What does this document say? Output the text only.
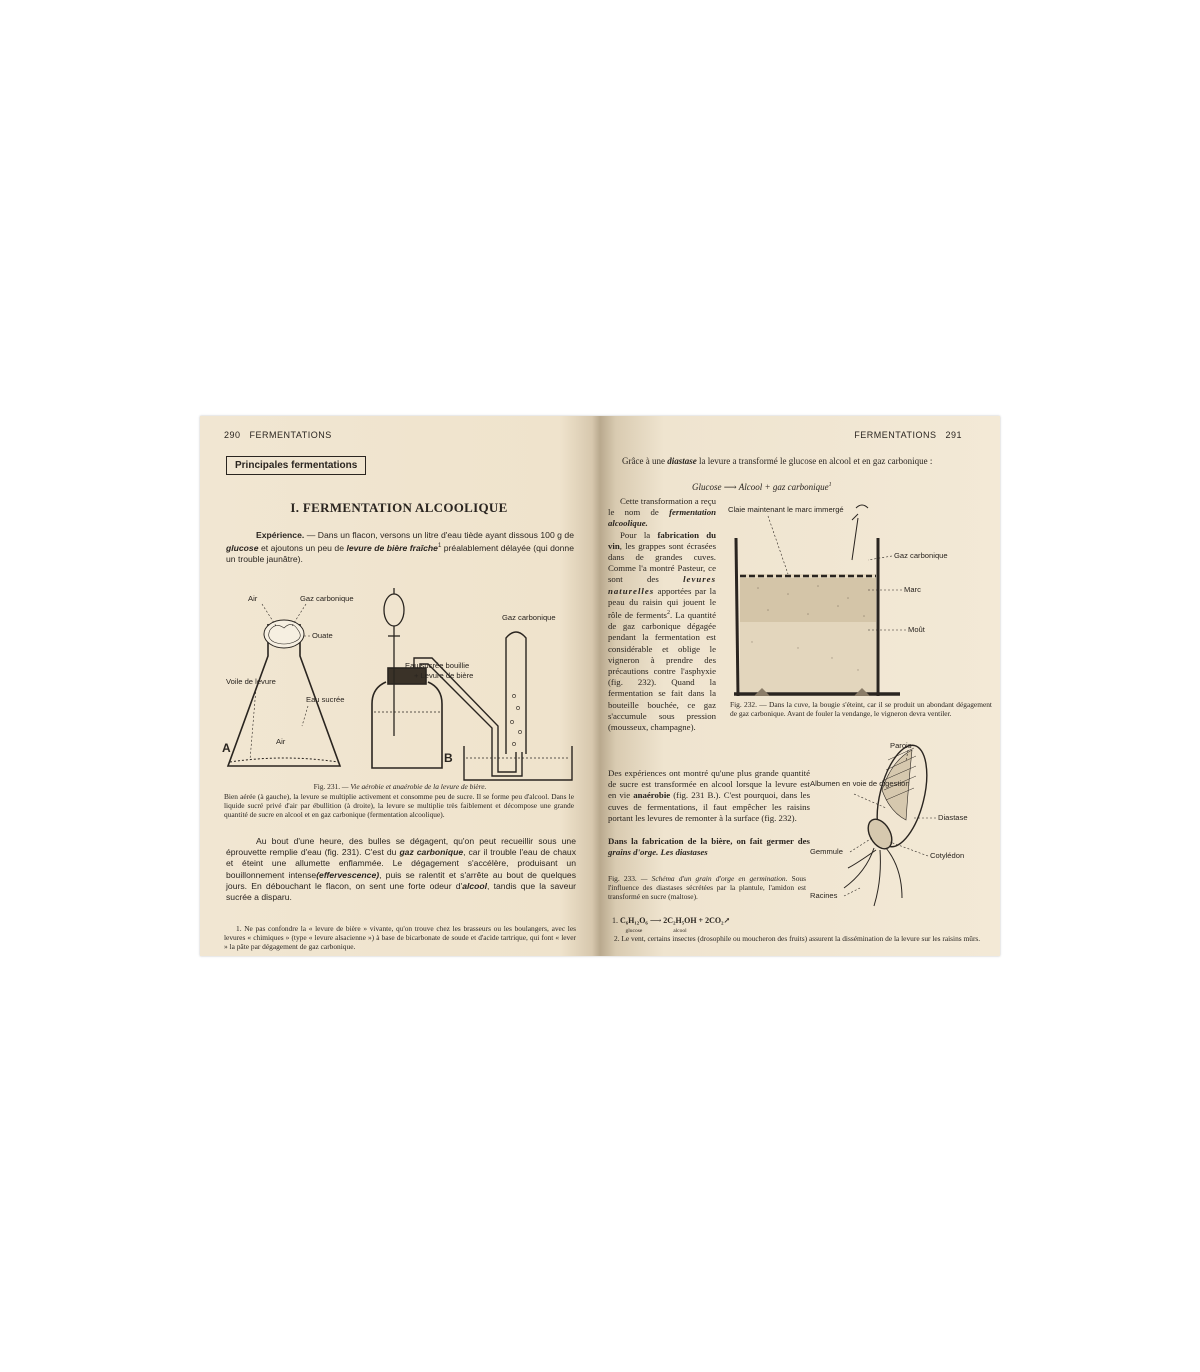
290 FERMENTATIONS
Principales fermentations
I. FERMENTATION ALCOOLIQUE
Expérience. — Dans un flacon, versons un litre d'eau tiède ayant dissous 100 g de glucose et ajoutons un peu de levure de bière fraîche$^1$ préalablement délayée (qui donne un trouble jaunâtre).
Air	Gaz carbonique
Ouate
Voile de levure
Eau sucrée
Air
A
Eau sucrée bouillie
+ Levure de bière
B
Gaz carbonique
Fig. 231. — Vie aérobie et anaérobie de la levure de bière.
Bien aérée (à gauche), la levure se multiplie activement et consomme peu de sucre. Il se forme peu d'alcool. Dans le liquide sucré privé d'air par ébullition (à droite), la levure se multiplie très faiblement et décompose une grande quantité de sucre en alcool et en gaz carbonique (fermentation alcoolique).
Au bout d'une heure, des bulles se dégagent, qu'on peut recueillir sous une éprouvette remplie d'eau (fig. 231). C'est du gaz carbonique, car il trouble l'eau de chaux et éteint une allumette enflammée. Le dégagement s'accélère, produisant un bouillonnement intense(effervescence), puis se ralentit et s'arrête au bout de quelques jours. En débouchant le flacon, on sent une forte odeur d'alcool, tandis que la saveur sucrée a disparu.
1. Ne pas confondre la « levure de bière » vivante, qu'on trouve chez les brasseurs ou les boulangers, avec les levures « chimiques » (type « levure alsacienne ») à base de bicarbonate de soude et d'acide tartrique, qui font « lever » la pâte par dégagement de gaz carbonique.
FERMENTATIONS 291
Grâce à une diastase la levure a transformé le glucose en alcool et en gaz carbonique :
Glucose ⟶ Alcool + gaz carbonique$^1$
Cette transformation a reçu le nom de fermentation alcoolique.
Pour la fabrication du vin, les grappes sont écrasées dans de grandes cuves. Comme l'a montré Pasteur, ce sont des levures naturelles apportées par la peau du raisin qui jouent le rôle de ferments$^2$. La quantité de gaz carbonique dégagée pendant la fermentation est considérable et oblige le vigneron à prendre des précautions contre l'asphyxie (fig. 232). Quand la fermentation se fait dans la bouteille bouchée, ce gaz s'accumule sous pression (mousseux, champagne).
Claie maintenant le marc immergé
Gaz carbonique
Marc
Moût
Fig. 232. — Dans la cuve, la bougie s'éteint, car il se produit un abondant dégagement de gaz carbonique. Avant de fouler la vendange, le vigneron devra ventiler.
Des expériences ont montré qu'une plus grande quantité de sucre est transformée en alcool lorsque la levure est en vie anaérobie (fig. 231 B.). C'est pourquoi, dans les cuves de fermentations, il faut empêcher les raisins portant les levures de remonter à la surface (fig. 232).
Dans la fabrication de la bière, on fait germer des grains d'orge. Les diastases
Parois
Albumen en voie de digestion
Diastase
Gemmule	Cotylédon
Racines
Fig. 233. — Schéma d'un grain d'orge en germination. Sous l'influence des diastases sécrétées par la plantule, l'amidon est transformé en sucre (maltose).
1. C₆H₁₂O₆
glucose ⟶ 2C₂H₅OH
alcool + 2CO₂↗
2. Le vent, certains insectes (drosophile ou moucheron des fruits) assurent la dissémination de la levure sur les raisins mûrs.
